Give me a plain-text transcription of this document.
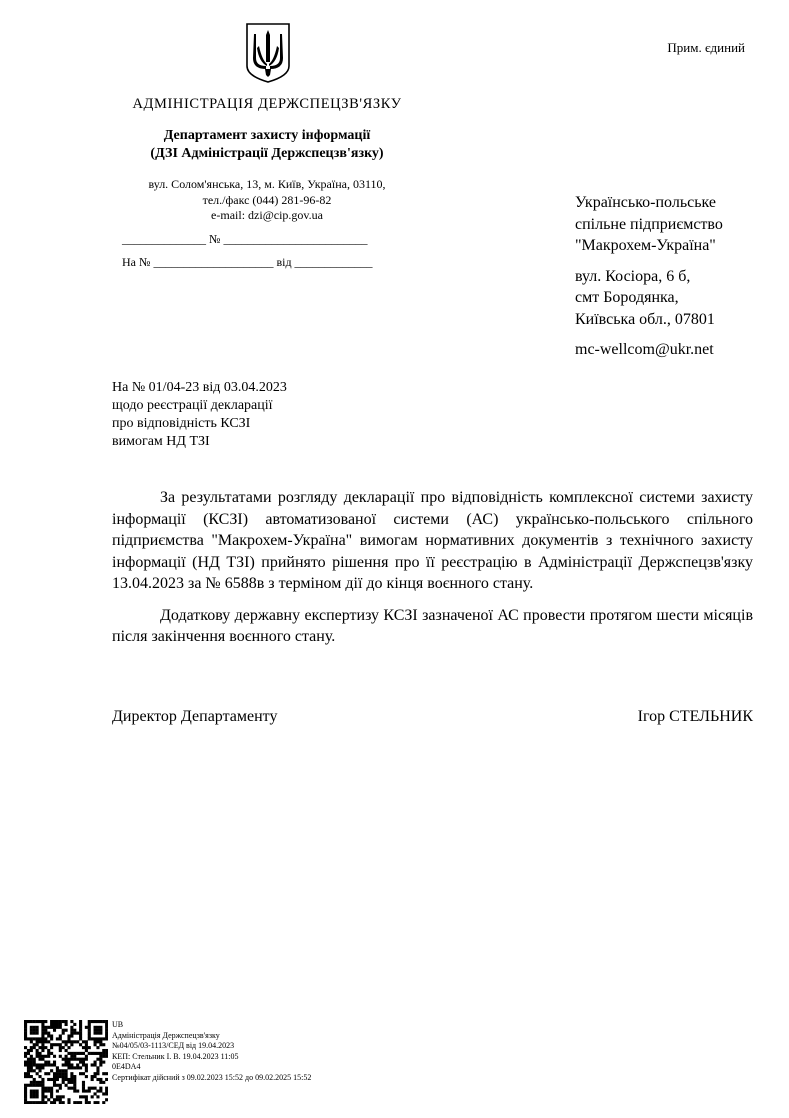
Прим. єдиний
АДМІНІСТРАЦІЯ ДЕРЖСПЕЦЗВ'ЯЗКУ
Департамент захисту інформації
(ДЗІ Адміністрації Держспецзв'язку)
вул. Солом'янська, 13, м. Київ, Україна, 03110,
тел./факс (044) 281-96-82
e-mail: dzi@cip.gov.ua
______________ № ________________________
На № ____________________ від _____________
Українсько-польське
спільне підприємство
"Макрохем-Україна"
вул. Косіора, 6 б,
смт Бородянка,
Київська обл., 07801
mc-wellcom@ukr.net
На № 01/04-23 від 03.04.2023
щодо реєстрації декларації
про відповідність КСЗІ
вимогам НД ТЗІ

За результатами розгляду декларації про відповідність комплексної системи захисту інформації (КСЗІ) автоматизованої системи (АС) українсько-польського спільного підприємства "Макрохем-Україна" вимогам нормативних документів з технічного захисту інформації (НД ТЗІ) прийнято рішення про її реєстрацію в Адміністрації Держспецзв'язку 13.04.2023 за № 6588в з терміном дії до кінця воєнного стану.

Додаткову державну експертизу КСЗІ зазначеної АС провести протягом шести місяців після закінчення воєнного стану.

Директор Департаменту	Ігор СТЕЛЬНИК
UB
Адміністрація Держспецзв'язку
№04/05/03-1113/СЕД від 19.04.2023
КЕП: Стельник І. В. 19.04.2023 11:05
0E4DA4
Сертифікат дійсний з 09.02.2023 15:52 до 09.02.2025 15:52
